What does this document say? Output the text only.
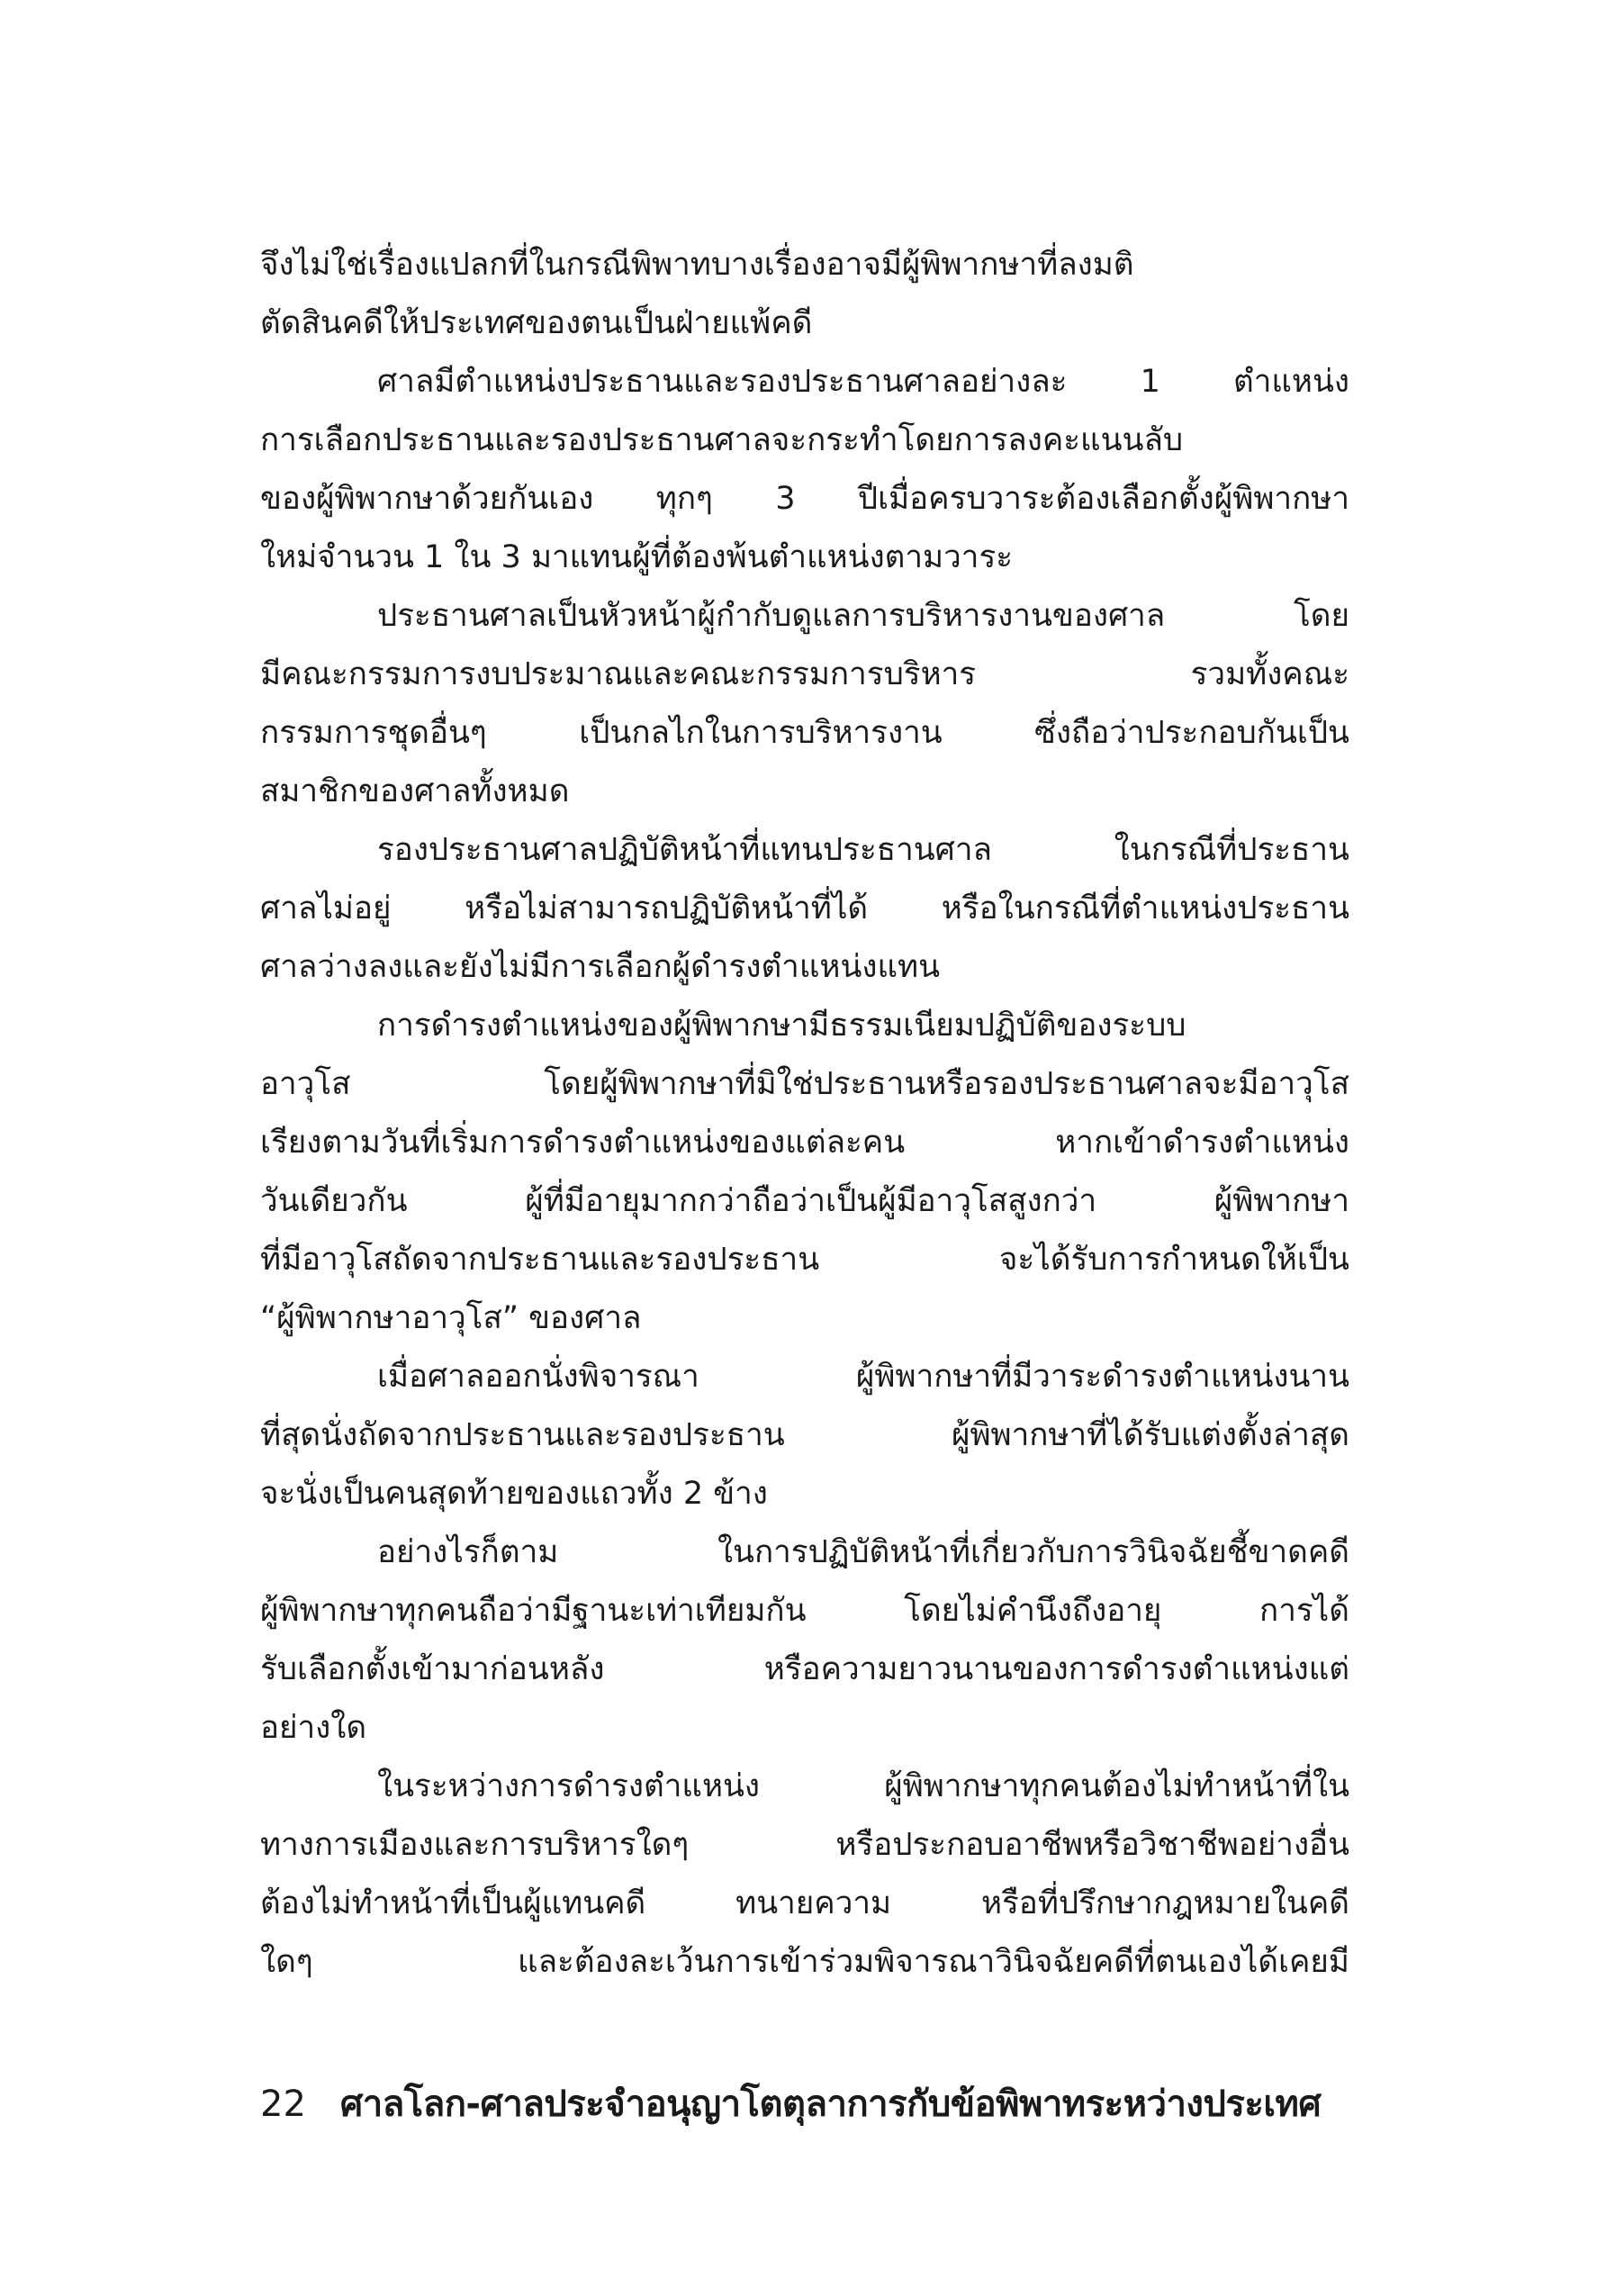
จึงไม่ใช่เรื่องแปลกที่ในกรณีพิพาทบางเรื่องอาจมีผู้พิพากษาที่ลงมติ
ตัดสินคดีให้ประเทศของตนเป็นฝ่ายแพ้คดี
ศาลมีตำแหน่งประธานและรองประธานศาลอย่างละ 1 ตำแหน่ง
การเลือกประธานและรองประธานศาลจะกระทำโดยการลงคะแนนลับ
ของผู้พิพากษาด้วยกันเอง ทุกๆ 3 ปีเมื่อครบวาระต้องเลือกตั้งผู้พิพากษา
ใหม่จำนวน 1 ใน 3 มาแทนผู้ที่ต้องพ้นตำแหน่งตามวาระ
ประธานศาลเป็นหัวหน้าผู้กำกับดูแลการบริหารงานของศาล โดย
มีคณะกรรมการงบประมาณและคณะกรรมการบริหาร รวมทั้งคณะ
กรรมการชุดอื่นๆ เป็นกลไกในการบริหารงาน ซึ่งถือว่าประกอบกันเป็น
สมาชิกของศาลทั้งหมด
รองประธานศาลปฏิบัติหน้าที่แทนประธานศาล ในกรณีที่ประธาน
ศาลไม่อยู่ หรือไม่สามารถปฏิบัติหน้าที่ได้ หรือในกรณีที่ตำแหน่งประธาน
ศาลว่างลงและยังไม่มีการเลือกผู้ดำรงตำแหน่งแทน
การดำรงตำแหน่งของผู้พิพากษามีธรรมเนียมปฏิบัติของระบบ
อาวุโส โดยผู้พิพากษาที่มิใช่ประธานหรือรองประธานศาลจะมีอาวุโส
เรียงตามวันที่เริ่มการดำรงตำแหน่งของแต่ละคน หากเข้าดำรงตำแหน่ง
วันเดียวกัน ผู้ที่มีอายุมากกว่าถือว่าเป็นผู้มีอาวุโสสูงกว่า ผู้พิพากษา
ที่มีอาวุโสถัดจากประธานและรองประธาน จะได้รับการกำหนดให้เป็น
“ผู้พิพากษาอาวุโส” ของศาล
เมื่อศาลออกนั่งพิจารณา ผู้พิพากษาที่มีวาระดำรงตำแหน่งนาน
ที่สุดนั่งถัดจากประธานและรองประธาน ผู้พิพากษาที่ได้รับแต่งตั้งล่าสุด
จะนั่งเป็นคนสุดท้ายของแถวทั้ง 2 ข้าง
อย่างไรก็ตาม ในการปฏิบัติหน้าที่เกี่ยวกับการวินิจฉัยชี้ขาดคดี
ผู้พิพากษาทุกคนถือว่ามีฐานะเท่าเทียมกัน โดยไม่คำนึงถึงอายุ การได้
รับเลือกตั้งเข้ามาก่อนหลัง หรือความยาวนานของการดำรงตำแหน่งแต่
อย่างใด
ในระหว่างการดำรงตำแหน่ง ผู้พิพากษาทุกคนต้องไม่ทำหน้าที่ใน
ทางการเมืองและการบริหารใดๆ หรือประกอบอาชีพหรือวิชาชีพอย่างอื่น
ต้องไม่ทำหน้าที่เป็นผู้แทนคดี ทนายความ หรือที่ปรึกษากฎหมายในคดี
ใดๆ และต้องละเว้นการเข้าร่วมพิจารณาวินิจฉัยคดีที่ตนเองได้เคยมี
22 ศาลโลก-ศาลประจำอนุญาโตตุลาการกับข้อพิพาทระหว่างประเทศ
